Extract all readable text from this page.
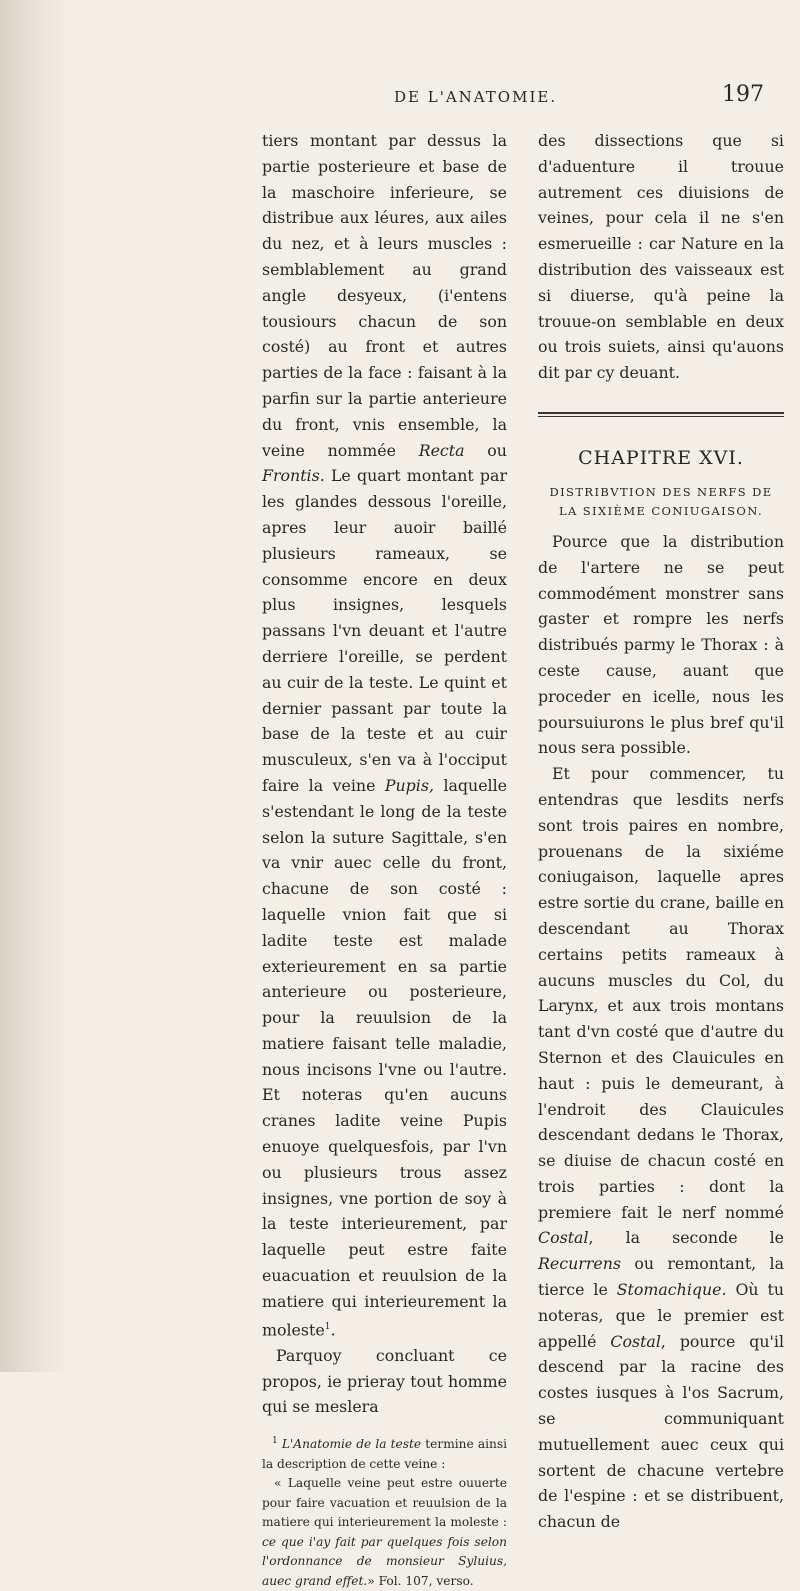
DE L'ANATOMIE.	197

tiers montant par dessus la partie posterieure et base de la maschoire inferieure, se distribue aux léures, aux ailes du nez, et à leurs muscles : semblablement au grand angle desyeux, (i'entens tousiours chacun de son costé) au front et autres parties de la face : faisant à la parfin sur la partie anterieure du front, vnis ensemble, la veine nommée Recta ou Frontis. Le quart montant par les glandes dessous l'oreille, apres leur auoir baillé plusieurs rameaux, se consomme encore en deux plus insignes, lesquels passans l'vn deuant et l'autre derriere l'oreille, se perdent au cuir de la teste. Le quint et dernier passant par toute la base de la teste et au cuir musculeux, s'en va à l'occiput faire la veine Pupis, laquelle s'estendant le long de la teste selon la suture Sagittale, s'en va vnir auec celle du front, chacune de son costé : laquelle vnion fait que si ladite teste est malade exterieurement en sa partie anterieure ou posterieure, pour la reuulsion de la matiere faisant telle maladie, nous incisons l'vne ou l'autre. Et noteras qu'en aucuns cranes ladite veine Pupis enuoye quelquesfois, par l'vn ou plusieurs trous assez insignes, vne portion de soy à la teste interieurement, par laquelle peut estre faite euacuation et reuulsion de la matiere qui interieurement la moleste$^1$.

Parquoy concluant ce propos, ie prieray tout homme qui se meslera

$^1$ L'Anatomie de la teste termine ainsi la description de cette veine :

« Laquelle veine peut estre ouuerte pour faire vacuation et reuulsion de la matiere qui interieurement la moleste : ce que i'ay fait par quelques fois selon l'ordonnance de monsieur Syluius, auec grand effet.» Fol. 107, verso.

des dissections que si d'aduenture il trouue autrement ces diuisions de veines, pour cela il ne s'en esmerueille : car Nature en la distribution des vaisseaux est si diuerse, qu'à peine la trouue-on semblable en deux ou trois suiets, ainsi qu'auons dit par cy deuant.

CHAPITRE XVI.
DISTRIBVTION DES NERFS DE LA SIXIÈME CONIUGAISON.

Pource que la distribution de l'artere ne se peut commodément monstrer sans gaster et rompre les nerfs distribués parmy le Thorax : à ceste cause, auant que proceder en icelle, nous les poursuiurons le plus bref qu'il nous sera possible.

Et pour commencer, tu entendras que lesdits nerfs sont trois paires en nombre, prouenans de la sixiéme coniugaison, laquelle apres estre sortie du crane, baille en descendant au Thorax certains petits rameaux à aucuns muscles du Col, du Larynx, et aux trois montans tant d'vn costé que d'autre du Sternon et des Clauicules en haut : puis le demeurant, à l'endroit des Clauicules descendant dedans le Thorax, se diuise de chacun costé en trois parties : dont la premiere fait le nerf nommé Costal, la seconde le Recurrens ou remontant, la tierce le Stomachique. Où tu noteras, que le premier est appellé Costal, pource qu'il descend par la racine des costes iusques à l'os Sacrum, se communiquant mutuellement auec ceux qui sortent de chacune vertebre de l'espine : et se distribuent, chacun de
